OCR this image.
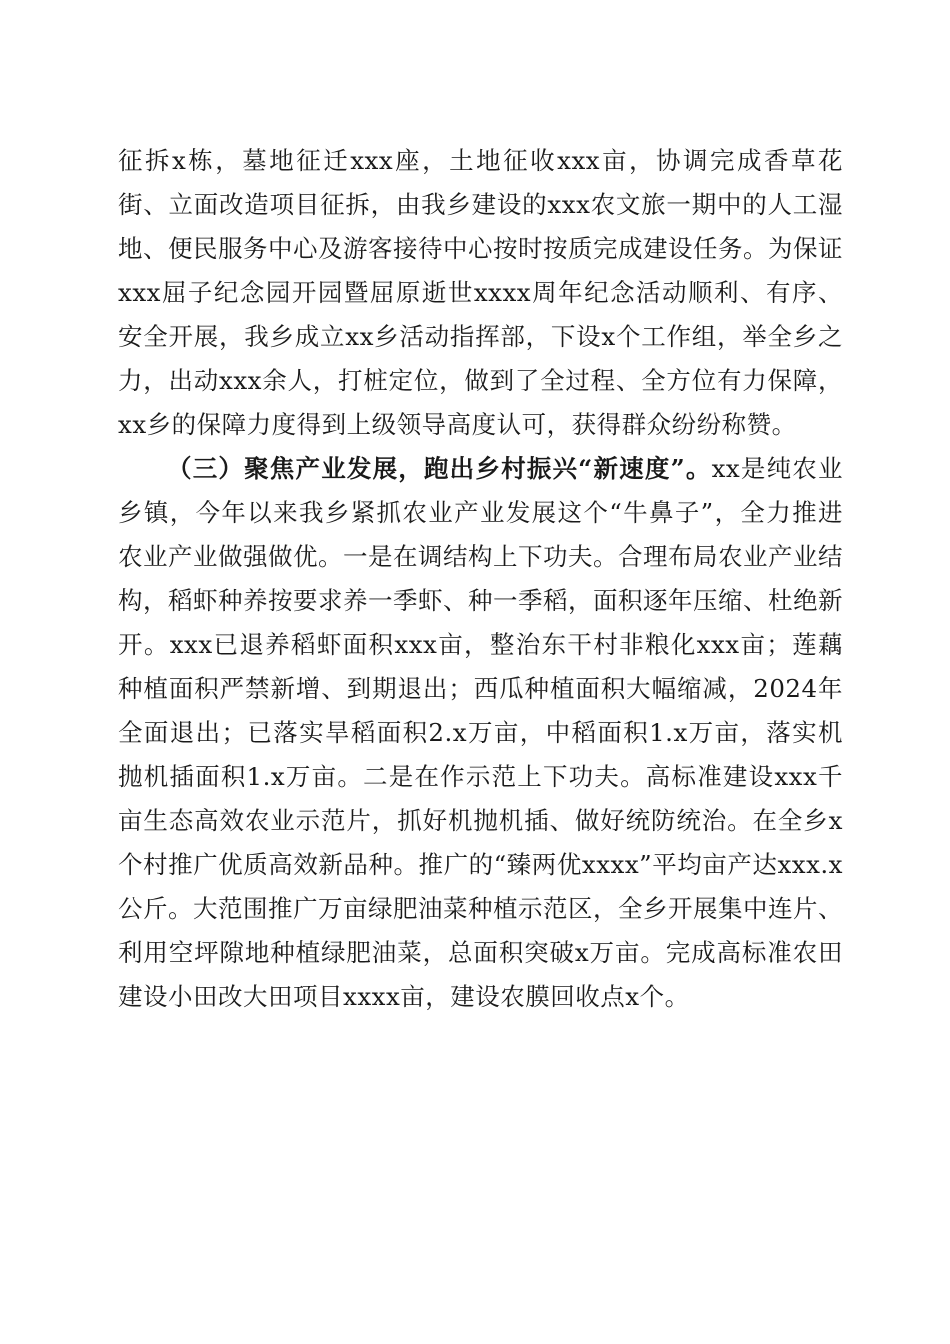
征拆x栋，墓地征迁xxx座，土地征收xxx亩，协调完成香草花街、立面改造项目征拆，由我乡建设的xxx农文旅一期中的人工湿地、便民服务中心及游客接待中心按时按质完成建设任务。为保证xxx屈子纪念园开园暨屈原逝世xxxx周年纪念活动顺利、有序、安全开展，我乡成立xx乡活动指挥部，下设x个工作组，举全乡之力，出动xxx余人，打桩定位，做到了全过程、全方位有力保障，xx乡的保障力度得到上级领导高度认可，获得群众纷纷称赞。

（三）聚焦产业发展，跑出乡村振兴“新速度”。xx是纯农业乡镇，今年以来我乡紧抓农业产业发展这个“牛鼻子”，全力推进农业产业做强做优。一是在调结构上下功夫。合理布局农业产业结构，稻虾种养按要求养一季虾、种一季稻，面积逐年压缩、杜绝新开。xxx已退养稻虾面积xxx亩，整治东干村非粮化xxx亩；莲藕种植面积严禁新增、到期退出；西瓜种植面积大幅缩减，2024年全面退出；已落实旱稻面积2.x万亩，中稻面积1.x万亩，落实机抛机插面积1.x万亩。二是在作示范上下功夫。高标准建设xxx千亩生态高效农业示范片，抓好机抛机插、做好统防统治。在全乡x个村推广优质高效新品种。推广的“臻两优xxxx”平均亩产达xxx.x公斤。大范围推广万亩绿肥油菜种植示范区，全乡开展集中连片、利用空坪隙地种植绿肥油菜，总面积突破x万亩。完成高标准农田建设小田改大田项目xxxx亩，建设农膜回收点x个。
